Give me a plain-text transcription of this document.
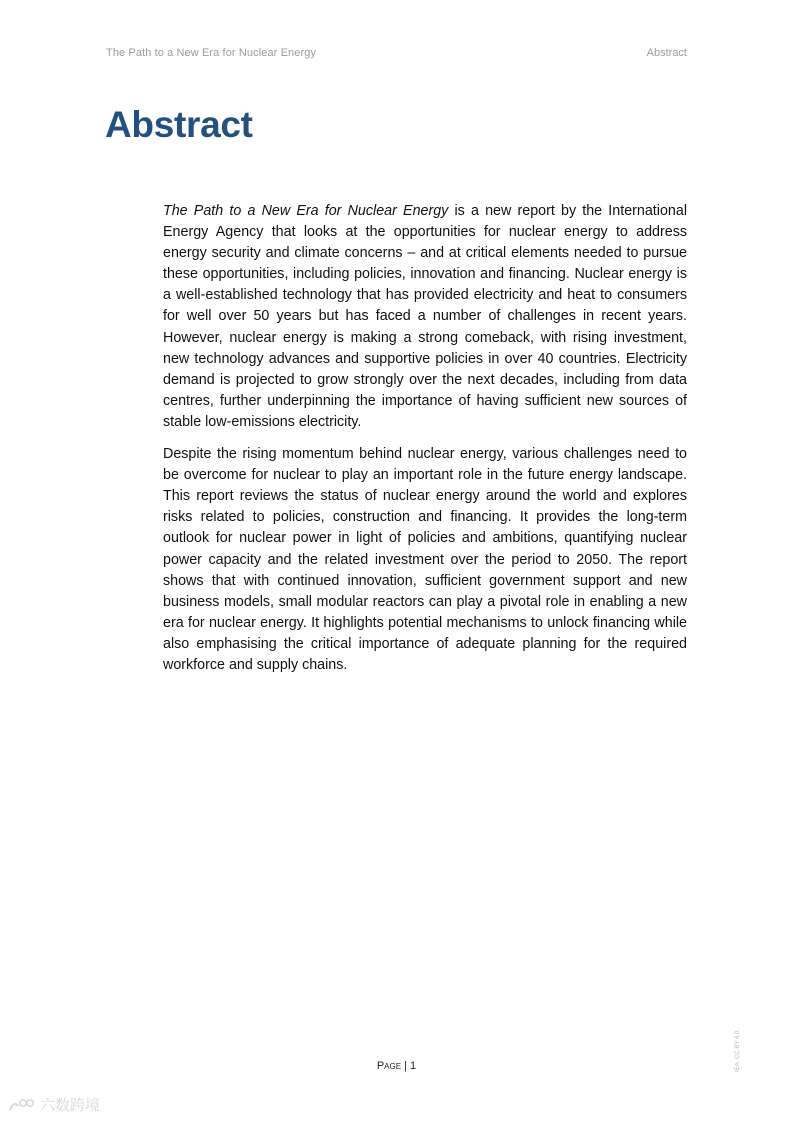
The Path to a New Era for Nuclear Energy	Abstract
Abstract

The Path to a New Era for Nuclear Energy is a new report by the International Energy Agency that looks at the opportunities for nuclear energy to address energy security and climate concerns – and at critical elements needed to pursue these opportunities, including policies, innovation and financing. Nuclear energy is a well-established technology that has provided electricity and heat to consumers for well over 50 years but has faced a number of challenges in recent years. However, nuclear energy is making a strong comeback, with rising investment, new technology advances and supportive policies in over 40 countries. Electricity demand is projected to grow strongly over the next decades, including from data centres, further underpinning the importance of having sufficient new sources of stable low-emissions electricity.

Despite the rising momentum behind nuclear energy, various challenges need to be overcome for nuclear to play an important role in the future energy landscape. This report reviews the status of nuclear energy around the world and explores risks related to policies, construction and financing. It provides the long-term outlook for nuclear power in light of policies and ambitions, quantifying nuclear power capacity and the related investment over the period to 2050. The report shows that with continued innovation, sufficient government support and new business models, small modular reactors can play a pivotal role in enabling a new era for nuclear energy. It highlights potential mechanisms to unlock financing while also emphasising the critical importance of adequate planning for the required workforce and supply chains.

Page | 1	IEA. CC BY 4.0.
六数跨境
